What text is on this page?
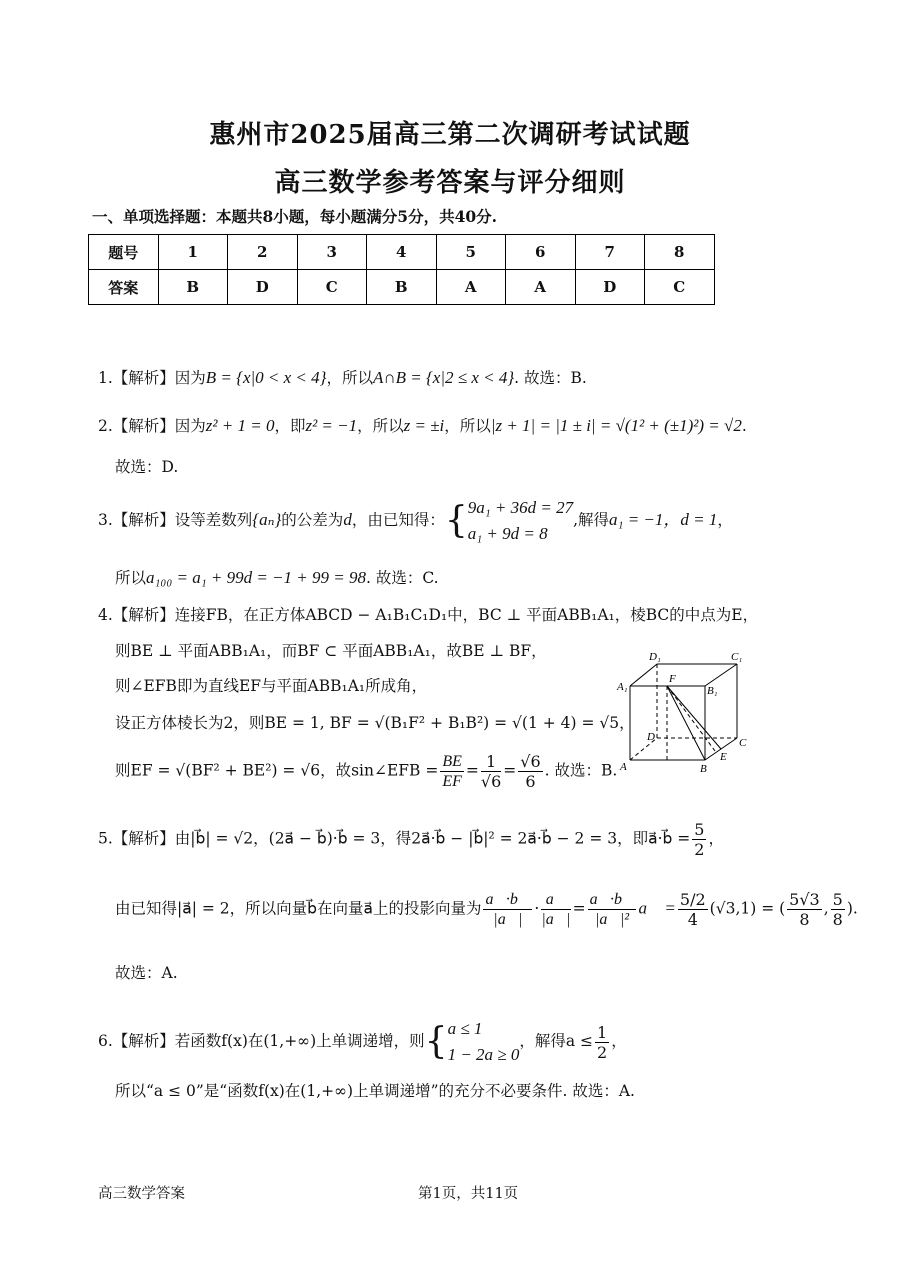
惠州市2025届高三第二次调研考试试题
高三数学参考答案与评分细则
一、单项选择题：本题共8小题，每小题满分5分，共40分.
题号	1	2	3	4	5	6	7	8
答案	B	D	C	B	A	A	D	C
1.【解析】因为B = {x|0 < x < 4}，所以A∩B = {x|2 ≤ x < 4}. 故选：B.
2.【解析】因为z² + 1 = 0，即z² = −1，所以z = ±i，所以|z + 1| = |1 ± i| = √(1² + (±1)²) = √2.
故选：D.
3.【解析】设等差数列{aₙ}的公差为d，由已知得：{ 9a₁ + 36d = 27
a₁ + 9d = 8
,解得a₁ = −1，d = 1，
所以a₁₀₀ = a₁ + 99d = −1 + 99 = 98. 故选：C.
4.【解析】连接FB，在正方体ABCD − A₁B₁C₁D₁中，BC ⊥ 平面ABB₁A₁，棱BC的中点为E，
则BE ⊥ 平面ABB₁A₁，而BF ⊂ 平面ABB₁A₁，故BE ⊥ BF，
则∠EFB即为直线EF与平面ABB₁A₁所成角，
设正方体棱长为2，则BE = 1, BF = √(B₁F² + B₁B²) = √(1 + 4) = √5，
则EF = √(BF² + BE²) = √6，故sin∠EFB = $\frac{BE}{EF} = \frac{1}{√6} = \frac{√6}{6}$ . 故选：B.
D₁	C₁
A₁
F
B₁
D	C
A	B
E
5.【解析】由|b⃗| = √2，(2a⃗ − b⃗)·b⃗ = 3，得2a⃗·b⃗ − |b⃗|² = 2a⃗·b⃗ − 2 = 3，即a⃗·b⃗ = $\frac{5}{2}$ ，
由已知得|a⃗| = 2，所以向量b⃗在向量a⃗上的投影向量为 $\frac{a⃗\cdot b⃗}{|a⃗|} \cdot \frac{a⃗}{|a⃗|} = \frac{a⃗\cdot b⃗}{\text{|a⃗|²}}$ a⃗ = $\frac{5/2}{4} (√3,1)$ = ( $\frac{5√3}{8}$ , $\frac{5}{8}$ ).
故选：A.
6.【解析】若函数f(x)在(1,+∞)上单调递增，则{ a ≤ 1
1 − 2a ≥ 0
，解得$a \le \frac{1}{2}$ ，
所以“a ≤ 0”是“函数f(x)在(1,+∞)上单调递增”的充分不必要条件. 故选：A.
高三数学答案	第1页，共11页
